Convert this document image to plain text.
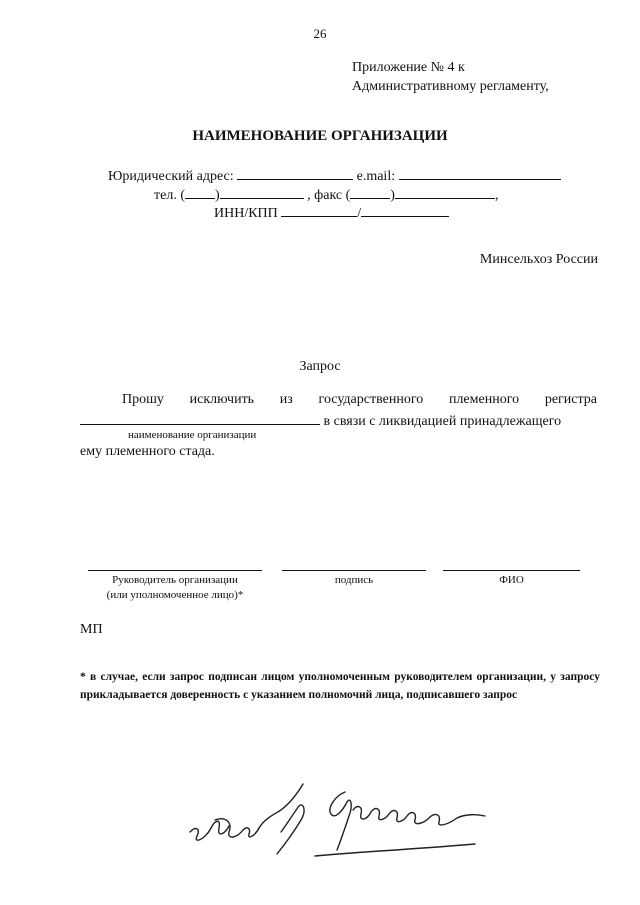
26
Приложение № 4 к
Административному регламенту,
НАИМЕНОВАНИЕ ОРГАНИЗАЦИИ
Юридический адрес:	e.mail:
тел. ( )	, факс (	)	,
ИНН/КПП	/
Минсельхоз России
Запрос
Прошу исключить из государственного племенного регистра
в связи с ликвидацией принадлежащего
наименование организации
ему племенного стада.
Руководитель организации
(или уполномоченное лицо)*
подпись	ФИО
МП
* в случае, если запрос подписан лицом уполномоченным руководителем организации, у запросу прикладывается доверенность с указанием полномочий лица, подписавшего запрос
